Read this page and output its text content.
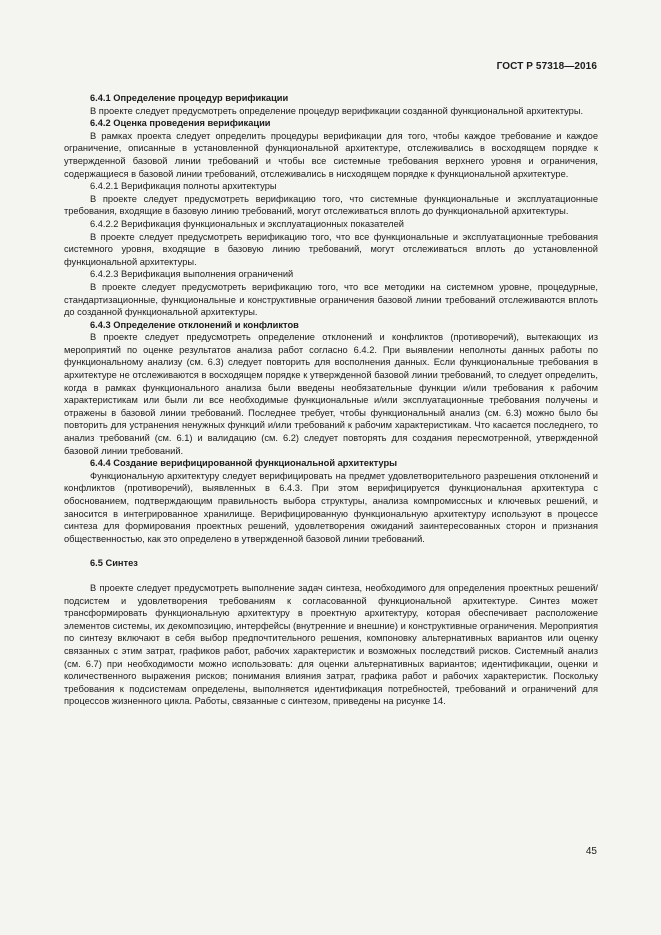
ГОСТ Р 57318—2016
6.4.1 Определение процедур верификации

В проекте следует предусмотреть определение процедур верификации созданной функциональной архитектуры.

6.4.2 Оценка проведения верификации

В рамках проекта следует определить процедуры верификации для того, чтобы каждое требование и каждое ограничение, описанные в установленной функциональной архитектуре, отслеживались в восходящем порядке к утвержденной базовой линии требований и чтобы все системные требования верхнего уровня и ограничения, содержащиеся в базовой линии требований, отслеживались в нисходящем порядке к функциональной архитектуре.

6.4.2.1 Верификация полноты архитектуры

В проекте следует предусмотреть верификацию того, что системные функциональные и эксплуатационные требования, входящие в базовую линию требований, могут отслеживаться вплоть до функциональной архитектуры.

6.4.2.2 Верификация функциональных и эксплуатационных показателей

В проекте следует предусмотреть верификацию того, что все функциональные и эксплуатационные требования системного уровня, входящие в базовую линию требований, могут отслеживаться вплоть до установленной функциональной архитектуры.

6.4.2.3 Верификация выполнения ограничений

В проекте следует предусмотреть верификацию того, что все методики на системном уровне, процедурные, стандартизационные, функциональные и конструктивные ограничения базовой линии требований отслеживаются вплоть до созданной функциональной архитектуры.

6.4.3 Определение отклонений и конфликтов

В проекте следует предусмотреть определение отклонений и конфликтов (противоречий), вытекающих из мероприятий по оценке результатов анализа работ согласно 6.4.2. При выявлении неполноты данных работы по функциональному анализу (см. 6.3) следует повторить для восполнения данных. Если функциональные требования в архитектуре не отслеживаются в восходящем порядке к утвержденной базовой линии требований, то следует определить, когда в рамках функционального анализа были введены необязательные функции и/или требования к рабочим характеристикам или были ли все необходимые функциональные и/или эксплуатационные требования получены и отражены в базовой линии требований. Последнее требует, чтобы функциональный анализ (см. 6.3) можно было бы повторить для устранения ненужных функций и/или требований к рабочим характеристикам. Что касается последнего, то анализ требований (см. 6.1) и валидацию (см. 6.2) следует повторять для создания пересмотренной, утвержденной базовой линии требований.

6.4.4 Создание верифицированной функциональной архитектуры

Функциональную архитектуру следует верифицировать на предмет удовлетворительного разрешения отклонений и конфликтов (противоречий), выявленных в 6.4.3. При этом верифицируется функциональная архитектура с обоснованием, подтверждающим правильность выбора структуры, анализа компромиссных и ключевых решений, и заносится в интегрированное хранилище. Верифицированную функциональную архитектуру используют в процессе синтеза для формирования проектных решений, удовлетворения ожиданий заинтересованных сторон и признания общественностью, как это определено в утвержденной базовой линии требований.

6.5 Синтез

В проекте следует предусмотреть выполнение задач синтеза, необходимого для определения проектных решений/подсистем и удовлетворения требованиям к согласованной функциональной архитектуре. Синтез может трансформировать функциональную архитектуру в проектную архитектуру, которая обеспечивает расположение элементов системы, их декомпозицию, интерфейсы (внутренние и внешние) и конструктивные ограничения. Мероприятия по синтезу включают в себя выбор предпочтительного решения, компоновку альтернативных вариантов или оценку связанных с этим затрат, графиков работ, рабочих характеристик и возможных последствий рисков. Системный анализ (см. 6.7) при необходимости можно использовать: для оценки альтернативных вариантов; идентификации, оценки и количественного выражения рисков; понимания влияния затрат, графика работ и рабочих характеристик. Поскольку требования к подсистемам определены, выполняется идентификация потребностей, требований и ограничений для процессов жизненного цикла. Работы, связанные с синтезом, приведены на рисунке 14.

45
